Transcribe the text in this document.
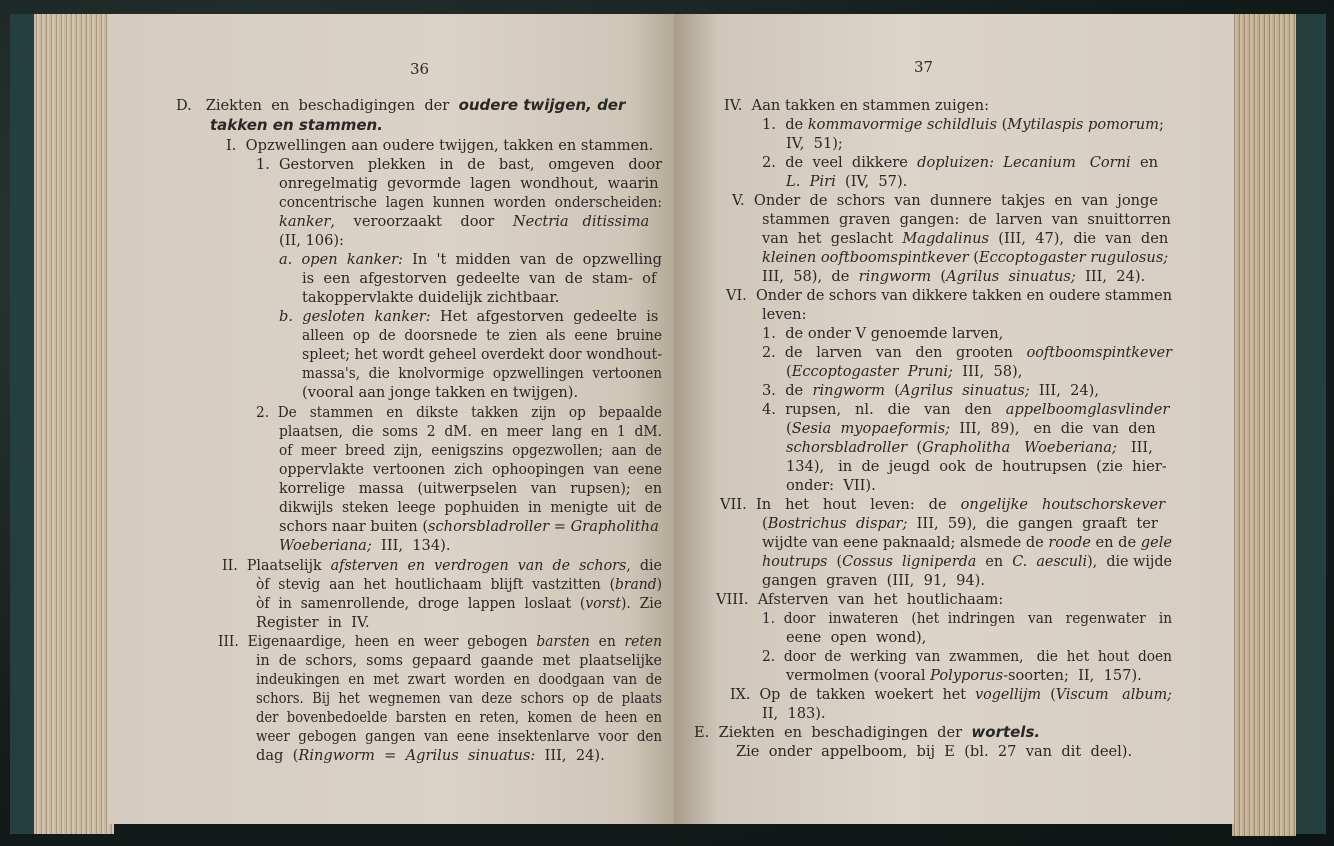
36	37
D.   Ziekten  en  beschadigingen  der  oudere twijgen, der
takken en stammen.
I.  Opzwellingen aan oudere twijgen, takken en stammen.
1.  Gestorven   plekken   in   de   bast,   omgeven   door
onregelmatig  gevormde  lagen  wondhout,  waarin
concentrische  lagen  kunnen  worden  onderscheiden:
kanker,    veroorzaakt    door    Nectria   ditissima
(II, 106):
a.  open  kanker:  In  't  midden  van  de  opzwelling
is  een  afgestorven  gedeelte  van  de  stam-  of
takoppervlakte duidelijk zichtbaar.
b.  gesloten  kanker:  Het  afgestorven  gedeelte  is
alleen  op  de  doorsnede  te  zien  als  eene  bruine
spleet; het wordt geheel overdekt door wondhout-
massa's,  die  knolvormige  opzwellingen  vertoonen
(vooral aan jonge takken en twijgen).
2.  De   stammen   en   dikste   takken   zijn   op   bepaalde
plaatsen,  die  soms  2  dM.  en  meer  lang  en  1  dM.
of  meer  breed  zijn,  eenigszins  opgezwollen;  aan  de
oppervlakte  vertoonen  zich  ophoopingen  van  eene
korrelige   massa   (uitwerpselen   van   rupsen);   en
dikwijls  steken  leege  pophuiden  in  menigte  uit  de
schors naar buiten (schorsbladroller = Grapholitha
Woeberiana;  III,  134).
II.  Plaatselijk  afsterven  en  verdrogen  van  de  schors,  die
òf  stevig  aan  het  houtlichaam  blijft  vastzitten  (brand)
òf  in  samenrollende,  droge  lappen  loslaat  (vorst).  Zie
Register  in  IV.
III.  Eigenaardige,  heen  en  weer  gebogen  barsten  en  reten
in  de  schors,  soms  gepaard  gaande  met  plaatselijke
indeukingen  en  met  zwart  worden  en  doodgaan  van  de
schors.  Bij  het  wegnemen  van  deze  schors  op  de  plaats
der  bovenbedoelde  barsten  en  reten,  komen  de  heen  en
weer  gebogen  gangen  van  eene  insektenlarve  voor  den
dag  (Ringworm  =  Agrilus  sinuatus:  III,  24).
IV.  Aan takken en stammen zuigen:
1.  de kommavormige schildluis (Mytilaspis pomorum;
IV,  51);
2.  de  veel  dikkere  dopluizen:  Lecanium   Corni  en
L.  Piri  (IV,  57).
V.  Onder  de  schors  van  dunnere  takjes  en  van  jonge
stammen  graven  gangen:  de  larven  van  snuittorren
van  het  geslacht  Magdalinus  (III,  47),  die  van  den
kleinen ooftboomspintkever (Eccoptogaster rugulosus;
III,  58),  de  ringworm  (Agrilus  sinuatus;  III,  24).
VI.  Onder de schors van dikkere takken en oudere stammen
leven:
1.  de onder V genoemde larven,
2.  de   larven   van   den   grooten   ooftboomspintkever
(Eccoptogaster  Pruni;  III,  58),
3.  de  ringworm  (Agrilus  sinuatus;  III,  24),
4.  rupsen,   nl.   die   van   den   appelboomglasvlinder
(Sesia  myopaeformis;  III,  89),   en  die  van  den
schorsbladroller  (Grapholitha   Woeberiana;   III,
134),   in  de  jeugd  ook  de  houtrupsen  (zie  hier-
onder:  VII).
VII.  In   het   hout   leven:   de   ongelijke   houtschorskever
(Bostrichus  dispar;  III,  59),  die  gangen  graaft  ter
wijdte van eene paknaald; alsmede de roode en de gele
houtrups  (Cossus  ligniperda  en  C.  aesculi),  die wijde
gangen  graven  (III,  91,  94).
VIII.  Afsterven  van  het  houtlichaam:
1.  door   inwateren   (het  indringen   van   regenwater   in
eene  open  wond),
2.  door  de  werking  van  zwammen,   die  het  hout  doen
vermolmen (vooral Polyporus-soorten;  II,  157).
IX.  Op  de  takken  woekert  het  vogellijm  (Viscum   album;
II,  183).
E.  Ziekten  en  beschadigingen  der  wortels.
Zie  onder  appelboom,  bij  E  (bl.  27  van  dit  deel).
